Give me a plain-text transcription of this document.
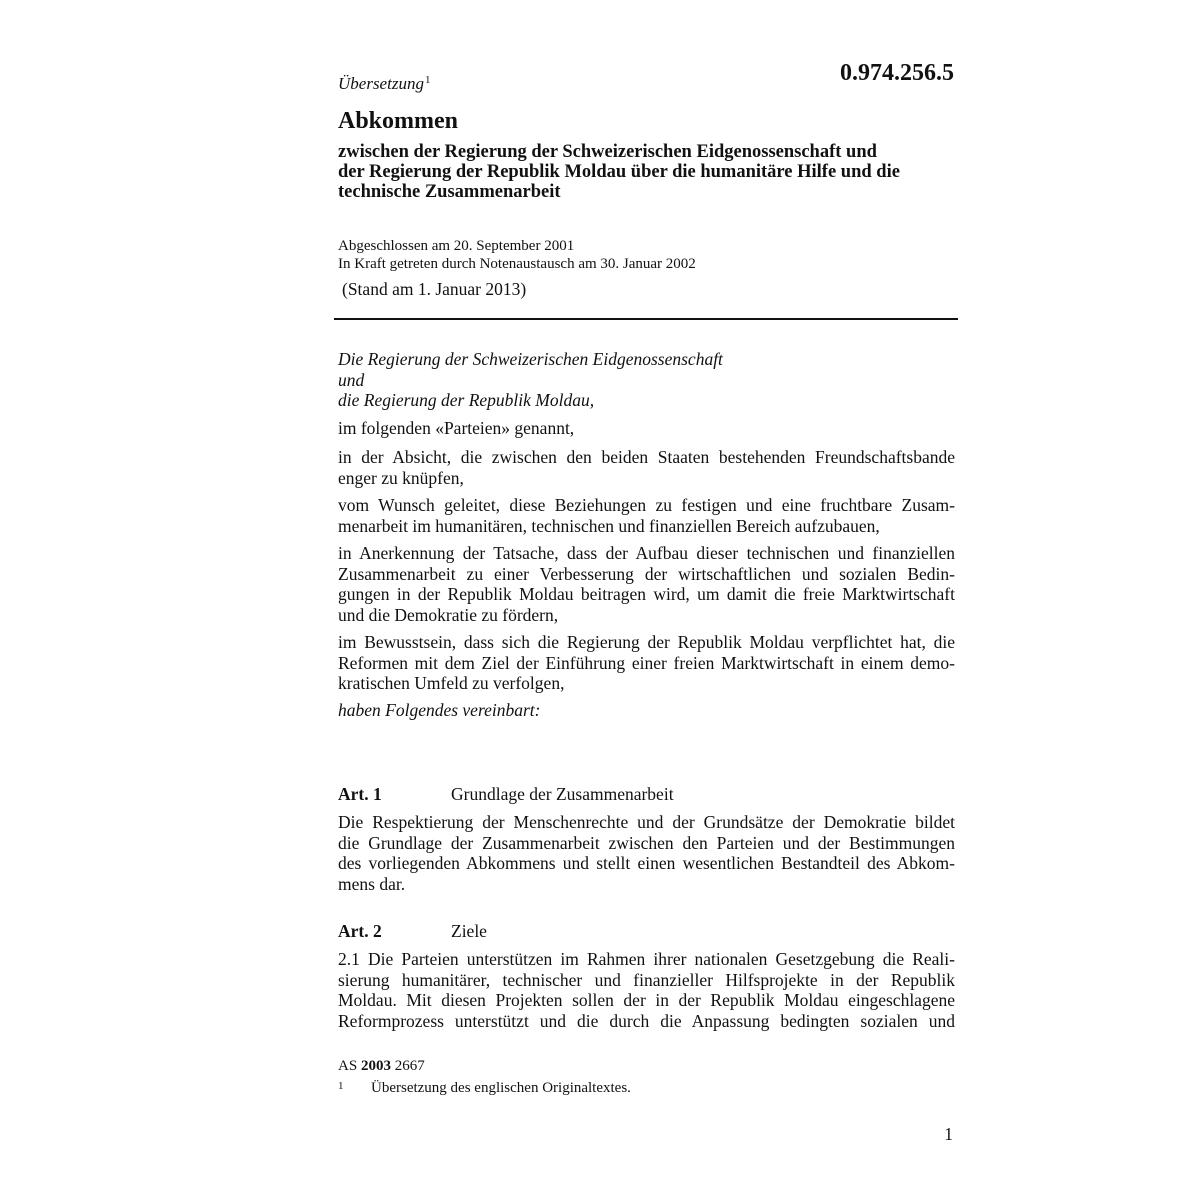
Übersetzung$^1$	0.974.256.5
Abkommen
zwischen der Regierung der Schweizerischen Eidgenossenschaft und
der Regierung der Republik Moldau über die humanitäre Hilfe und die
technische Zusammenarbeit
Abgeschlossen am 20. September 2001
In Kraft getreten durch Notenaustausch am 30. Januar 2002
(Stand am 1. Januar 2013)
Die Regierung der Schweizerischen Eidgenossenschaft
und
die Regierung der Republik Moldau,
im folgenden «Parteien» genannt,
in der Absicht, die zwischen den beiden Staaten bestehenden Freundschaftsbande
enger zu knüpfen,
vom Wunsch geleitet, diese Beziehungen zu festigen und eine fruchtbare Zusam-
menarbeit im humanitären, technischen und finanziellen Bereich aufzubauen,
in Anerkennung der Tatsache, dass der Aufbau dieser technischen und finanziellen
Zusammenarbeit zu einer Verbesserung der wirtschaftlichen und sozialen Bedin-
gungen in der Republik Moldau beitragen wird, um damit die freie Marktwirtschaft
und die Demokratie zu fördern,
im Bewusstsein, dass sich die Regierung der Republik Moldau verpflichtet hat, die
Reformen mit dem Ziel der Einführung einer freien Marktwirtschaft in einem demo-
kratischen Umfeld zu verfolgen,
haben Folgendes vereinbart:
Art. 1	Grundlage der Zusammenarbeit
Die Respektierung der Menschenrechte und der Grundsätze der Demokratie bildet
die Grundlage der Zusammenarbeit zwischen den Parteien und der Bestimmungen
des vorliegenden Abkommens und stellt einen wesentlichen Bestandteil des Abkom-
mens dar.
Art. 2	Ziele
2.1 Die Parteien unterstützen im Rahmen ihrer nationalen Gesetzgebung die Reali-
sierung humanitärer, technischer und finanzieller Hilfsprojekte in der Republik
Moldau. Mit diesen Projekten sollen der in der Republik Moldau eingeschlagene
Reformprozess unterstützt und die durch die Anpassung bedingten sozialen und
AS 2003 2667
$^1$ Übersetzung des englischen Originaltextes.
1
